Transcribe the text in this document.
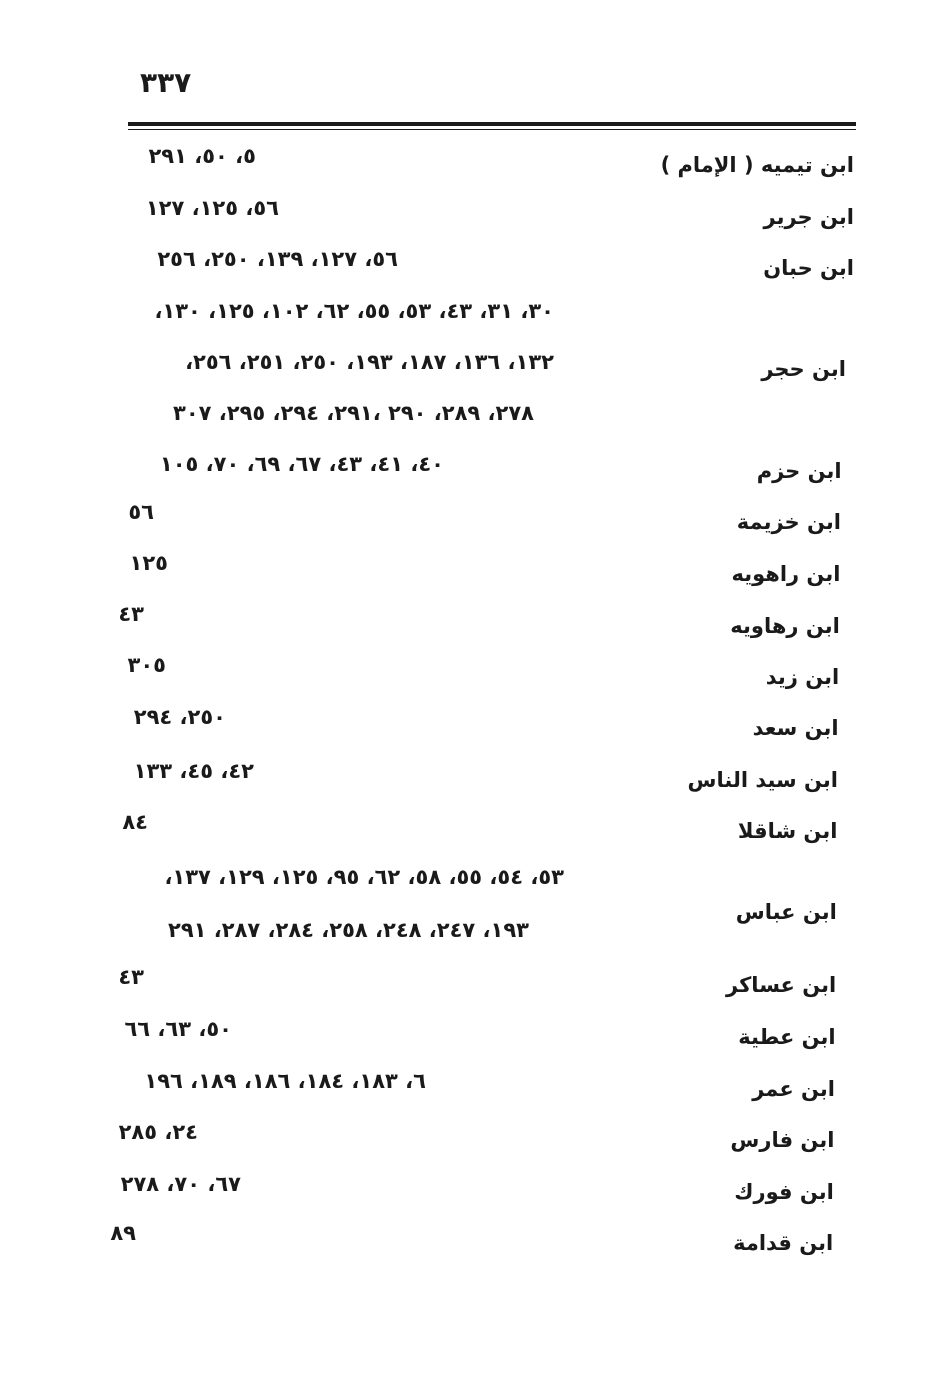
٣٣٧
ابن تيميه ( الإمام )
٥، ٥٠، ٢٩١
ابن جرير
٥٦، ١٢٥، ١٢٧
ابن حبان
٥٦، ١٢٧، ١٣٩، ٢٥٠، ٢٥٦
ابن حجر
٣٠، ٣١، ٤٣، ٥٣، ٥٥، ٦٢، ١٠٢، ١٢٥، ١٣٠،
١٣٢، ١٣٦، ١٨٧، ١٩٣، ٢٥٠، ٢٥١، ٢٥٦،
٢٧٨، ٢٨٩، ٢٩٠ ،٢٩١، ٢٩٤، ٢٩٥، ٣٠٧
ابن حزم
٤٠، ٤١، ٤٣، ٦٧، ٦٩، ٧٠، ١٠٥
ابن خزيمة
٥٦
ابن راهويه
١٢٥
ابن رهاويه
٤٣
ابن زيد
٣٠٥
ابن سعد
٢٥٠، ٢٩٤
ابن سيد الناس
٤٢، ٤٥، ١٣٣
ابن شاقلا
٨٤
ابن عباس
٥٣، ٥٤، ٥٥، ٥٨، ٦٢، ٩٥، ١٢٥، ١٢٩، ١٣٧،
١٩٣، ٢٤٧، ٢٤٨، ٢٥٨، ٢٨٤، ٢٨٧، ٢٩١
ابن عساكر
٤٣
ابن عطية
٥٠، ٦٣، ٦٦
ابن عمر
٦، ١٨٣، ١٨٤، ١٨٦، ١٨٩، ١٩٦
ابن فارس
٢٤، ٢٨٥
ابن فورك
٦٧، ٧٠، ٢٧٨
ابن قدامة
٨٩
